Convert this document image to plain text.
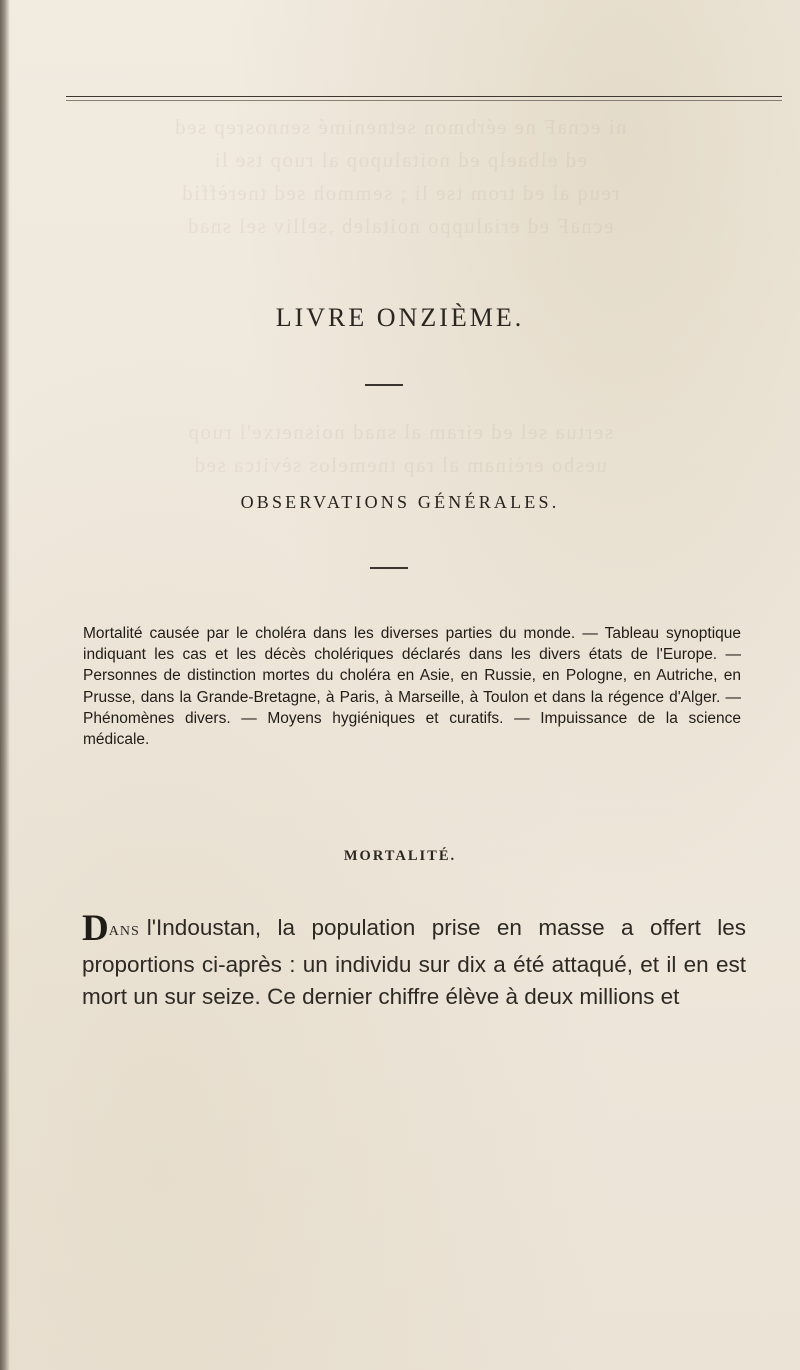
ni ecnaF ne eérbmon setnenimé sennosrep sed
ed elbaelp ed noitalupop al ruop tse li
reuq al ed trom tse li ; semmoh sed tnerèffid
ecnaF ed erialuppo noitaleb ,selliv sel snad
sertua sel ed eiram al snad noisnetxe'l ruop
uesbo erèinam al rap tnemelos sèvitca sed
LIVRE ONZIÈME.
OBSERVATIONS GÉNÉRALES.

Mortalité causée par le choléra dans les diverses parties du monde. — Tableau synoptique indiquant les cas et les décès cholériques déclarés dans les divers états de l'Europe. — Personnes de distinction mortes du choléra en Asie, en Russie, en Pologne, en Autriche, en Prusse, dans la Grande-Bretagne, à Paris, à Marseille, à Toulon et dans la régence d'Alger. — Phénomènes divers. — Moyens hygiéniques et curatifs. — Impuissance de la science médicale.

MORTALITÉ.

DANS l'Indoustan, la population prise en masse a offert les proportions ci-après : un individu sur dix a été attaqué, et il en est mort un sur seize. Ce dernier chiffre élève à deux millions et
